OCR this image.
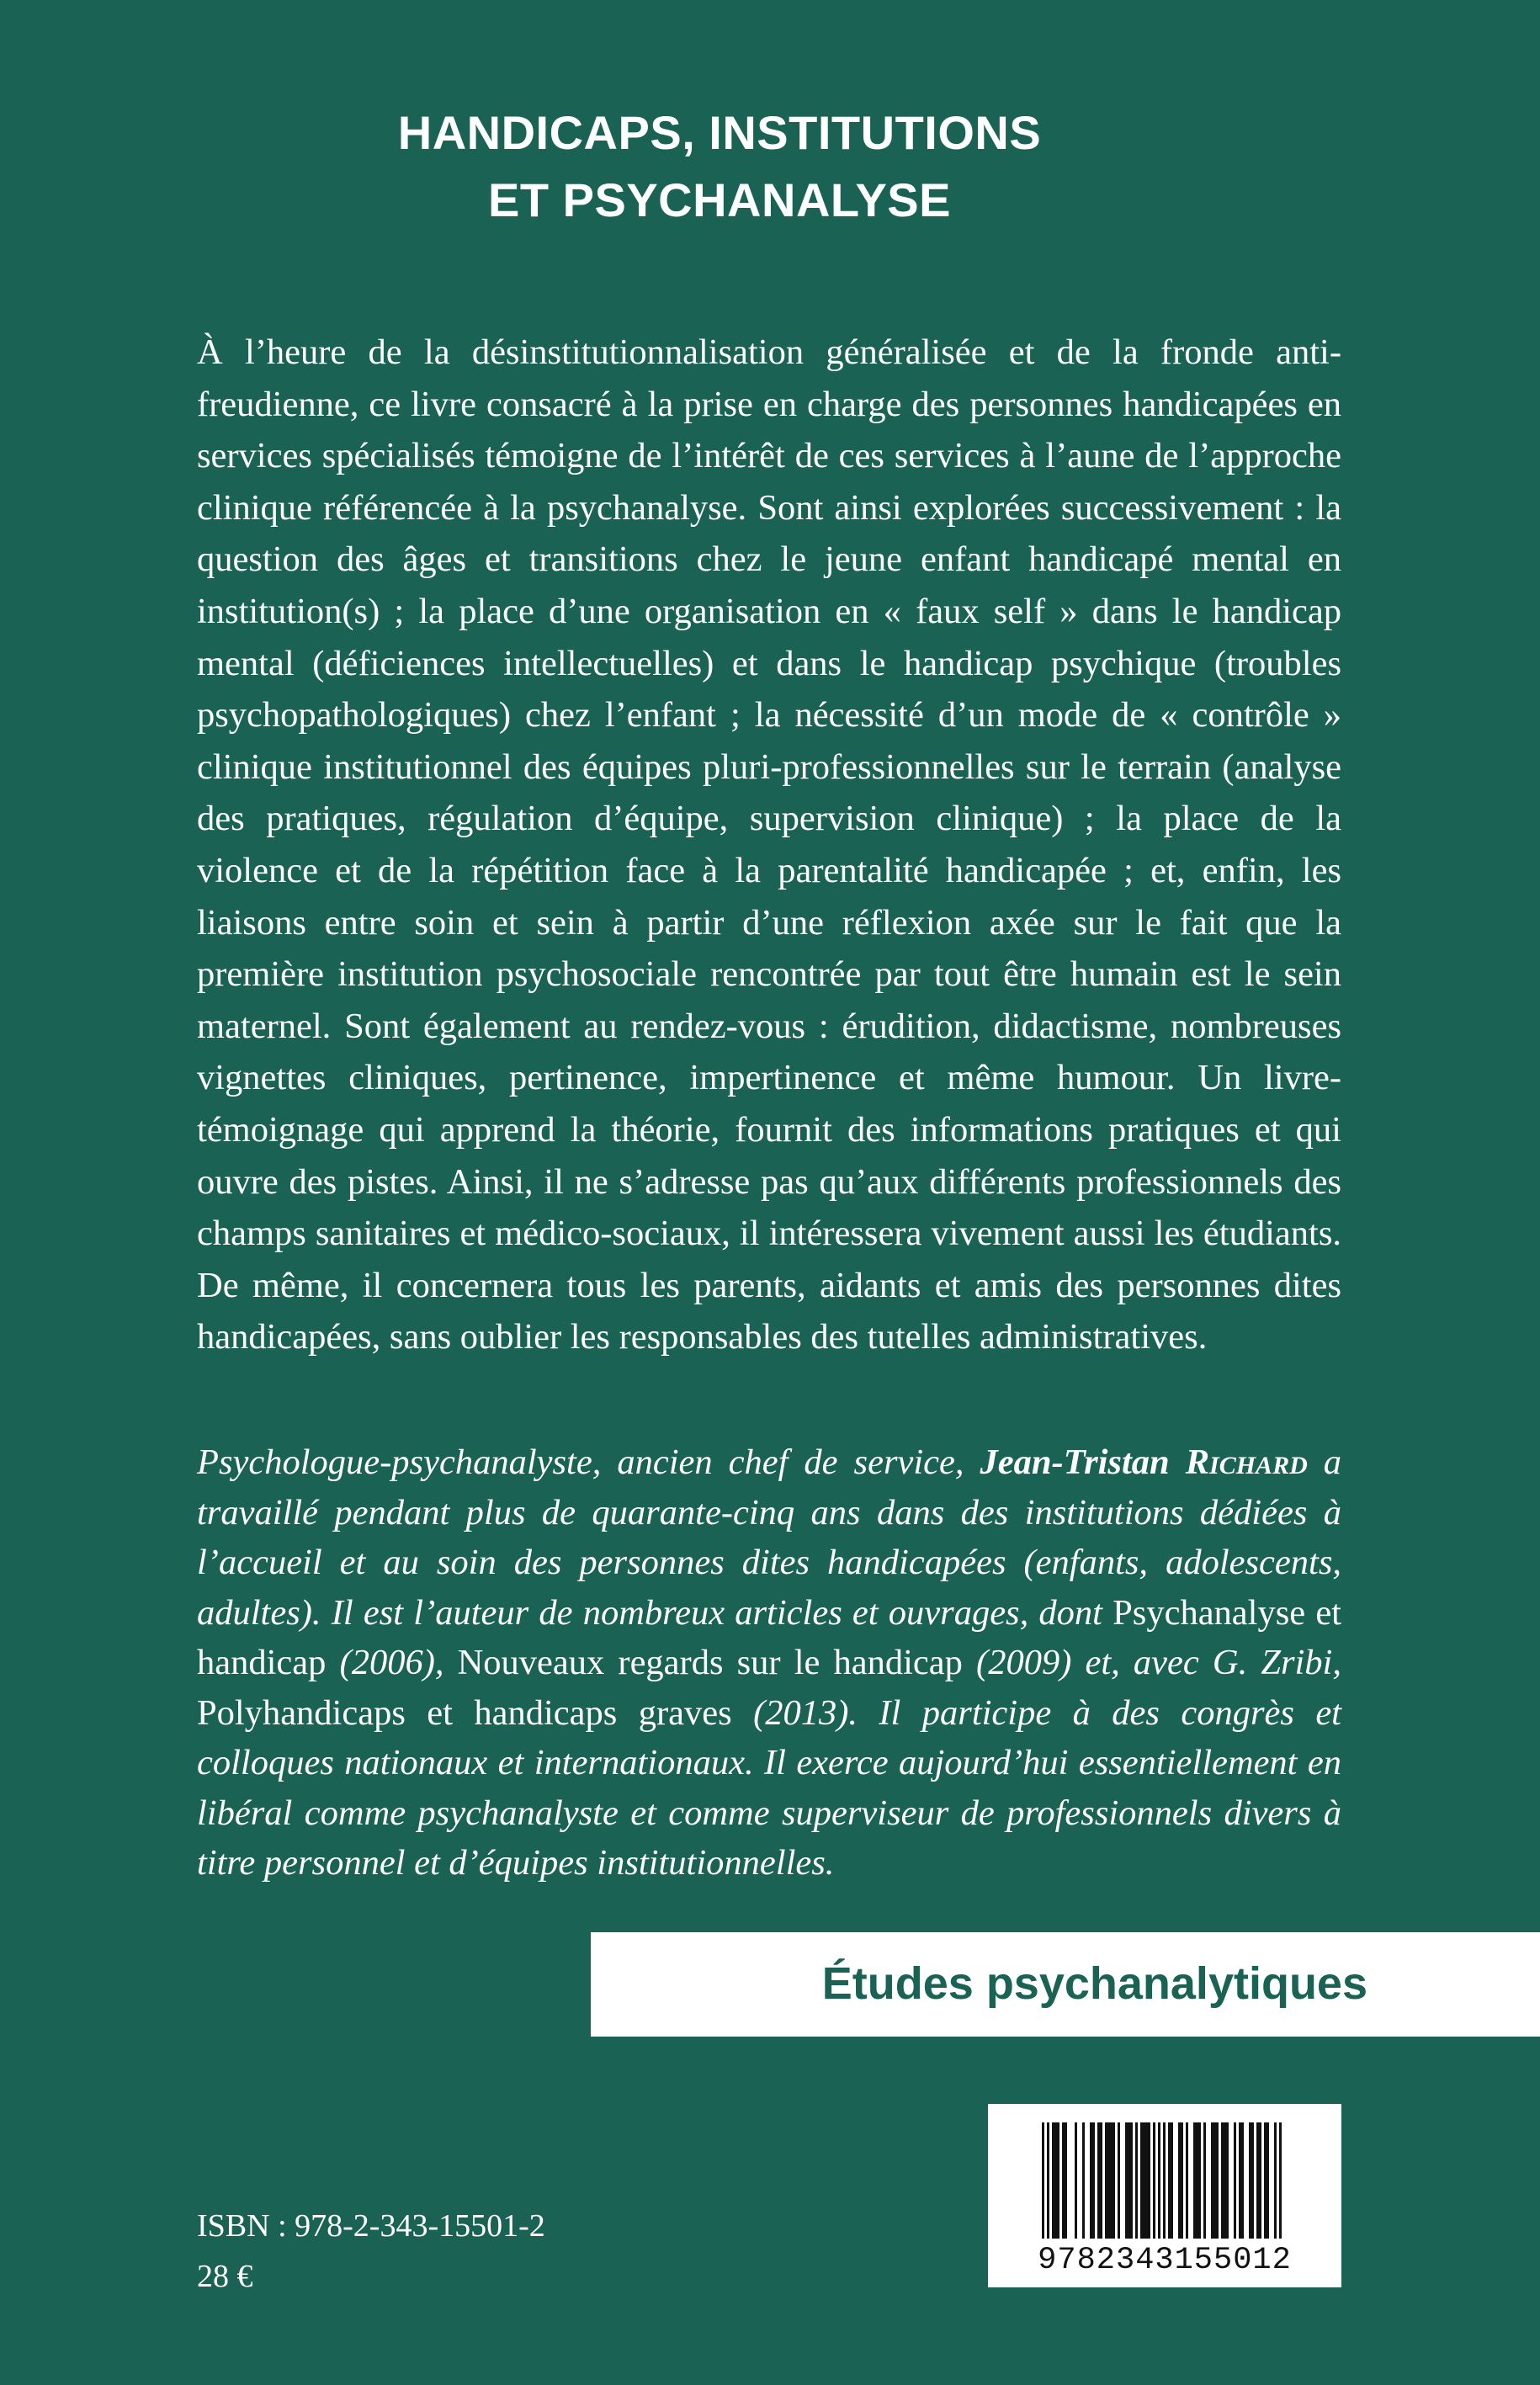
HANDICAPS, INSTITUTIONS
ET PSYCHANALYSE

À l’heure de la désinstitutionnalisation généralisée et de la fronde anti-freudienne, ce livre consacré à la prise en charge des personnes handicapées en services spécialisés témoigne de l’intérêt de ces services à l’aune de l’approche clinique référencée à la psychanalyse. Sont ainsi explorées successivement : la question des âges et transitions chez le jeune enfant handicapé mental en institution(s) ; la place d’une organisation en « faux self » dans le handicap mental (déficiences intellectuelles) et dans le handicap psychique (troubles psychopathologiques) chez l’enfant ; la nécessité d’un mode de « contrôle » clinique institutionnel des équipes pluri-professionnelles sur le terrain (analyse des pratiques, régulation d’équipe, supervision clinique) ; la place de la violence et de la répétition face à la parentalité handicapée ; et, enfin, les liaisons entre soin et sein à partir d’une réflexion axée sur le fait que la première institution psychosociale rencontrée par tout être humain est le sein maternel. Sont également au rendez-vous : érudition, didactisme, nombreuses vignettes cliniques, pertinence, impertinence et même humour. Un livre-témoignage qui apprend la théorie, fournit des informations pratiques et qui ouvre des pistes. Ainsi, il ne s’adresse pas qu’aux différents professionnels des champs sanitaires et médico-sociaux, il intéressera vivement aussi les étudiants. De même, il concernera tous les parents, aidants et amis des personnes dites handicapées, sans oublier les responsables des tutelles administratives.

Psychologue-psychanalyste, ancien chef de service, Jean-Tristan Richard a travaillé pendant plus de quarante-cinq ans dans des institutions dédiées à l’accueil et au soin des personnes dites handicapées (enfants, adolescents, adultes). Il est l’auteur de nombreux articles et ouvrages, dont Psychanalyse et handicap (2006), Nouveaux regards sur le handicap (2009) et, avec G. Zribi, Polyhandicaps et handicaps graves (2013). Il participe à des congrès et colloques nationaux et internationaux. Il exerce aujourd’hui essentiellement en libéral comme psychanalyste et comme superviseur de professionnels divers à titre personnel et d’équipes institutionnelles.

Études psychanalytiques
ISBN : 978-2-343-15501-2
28 €	9782343155012
